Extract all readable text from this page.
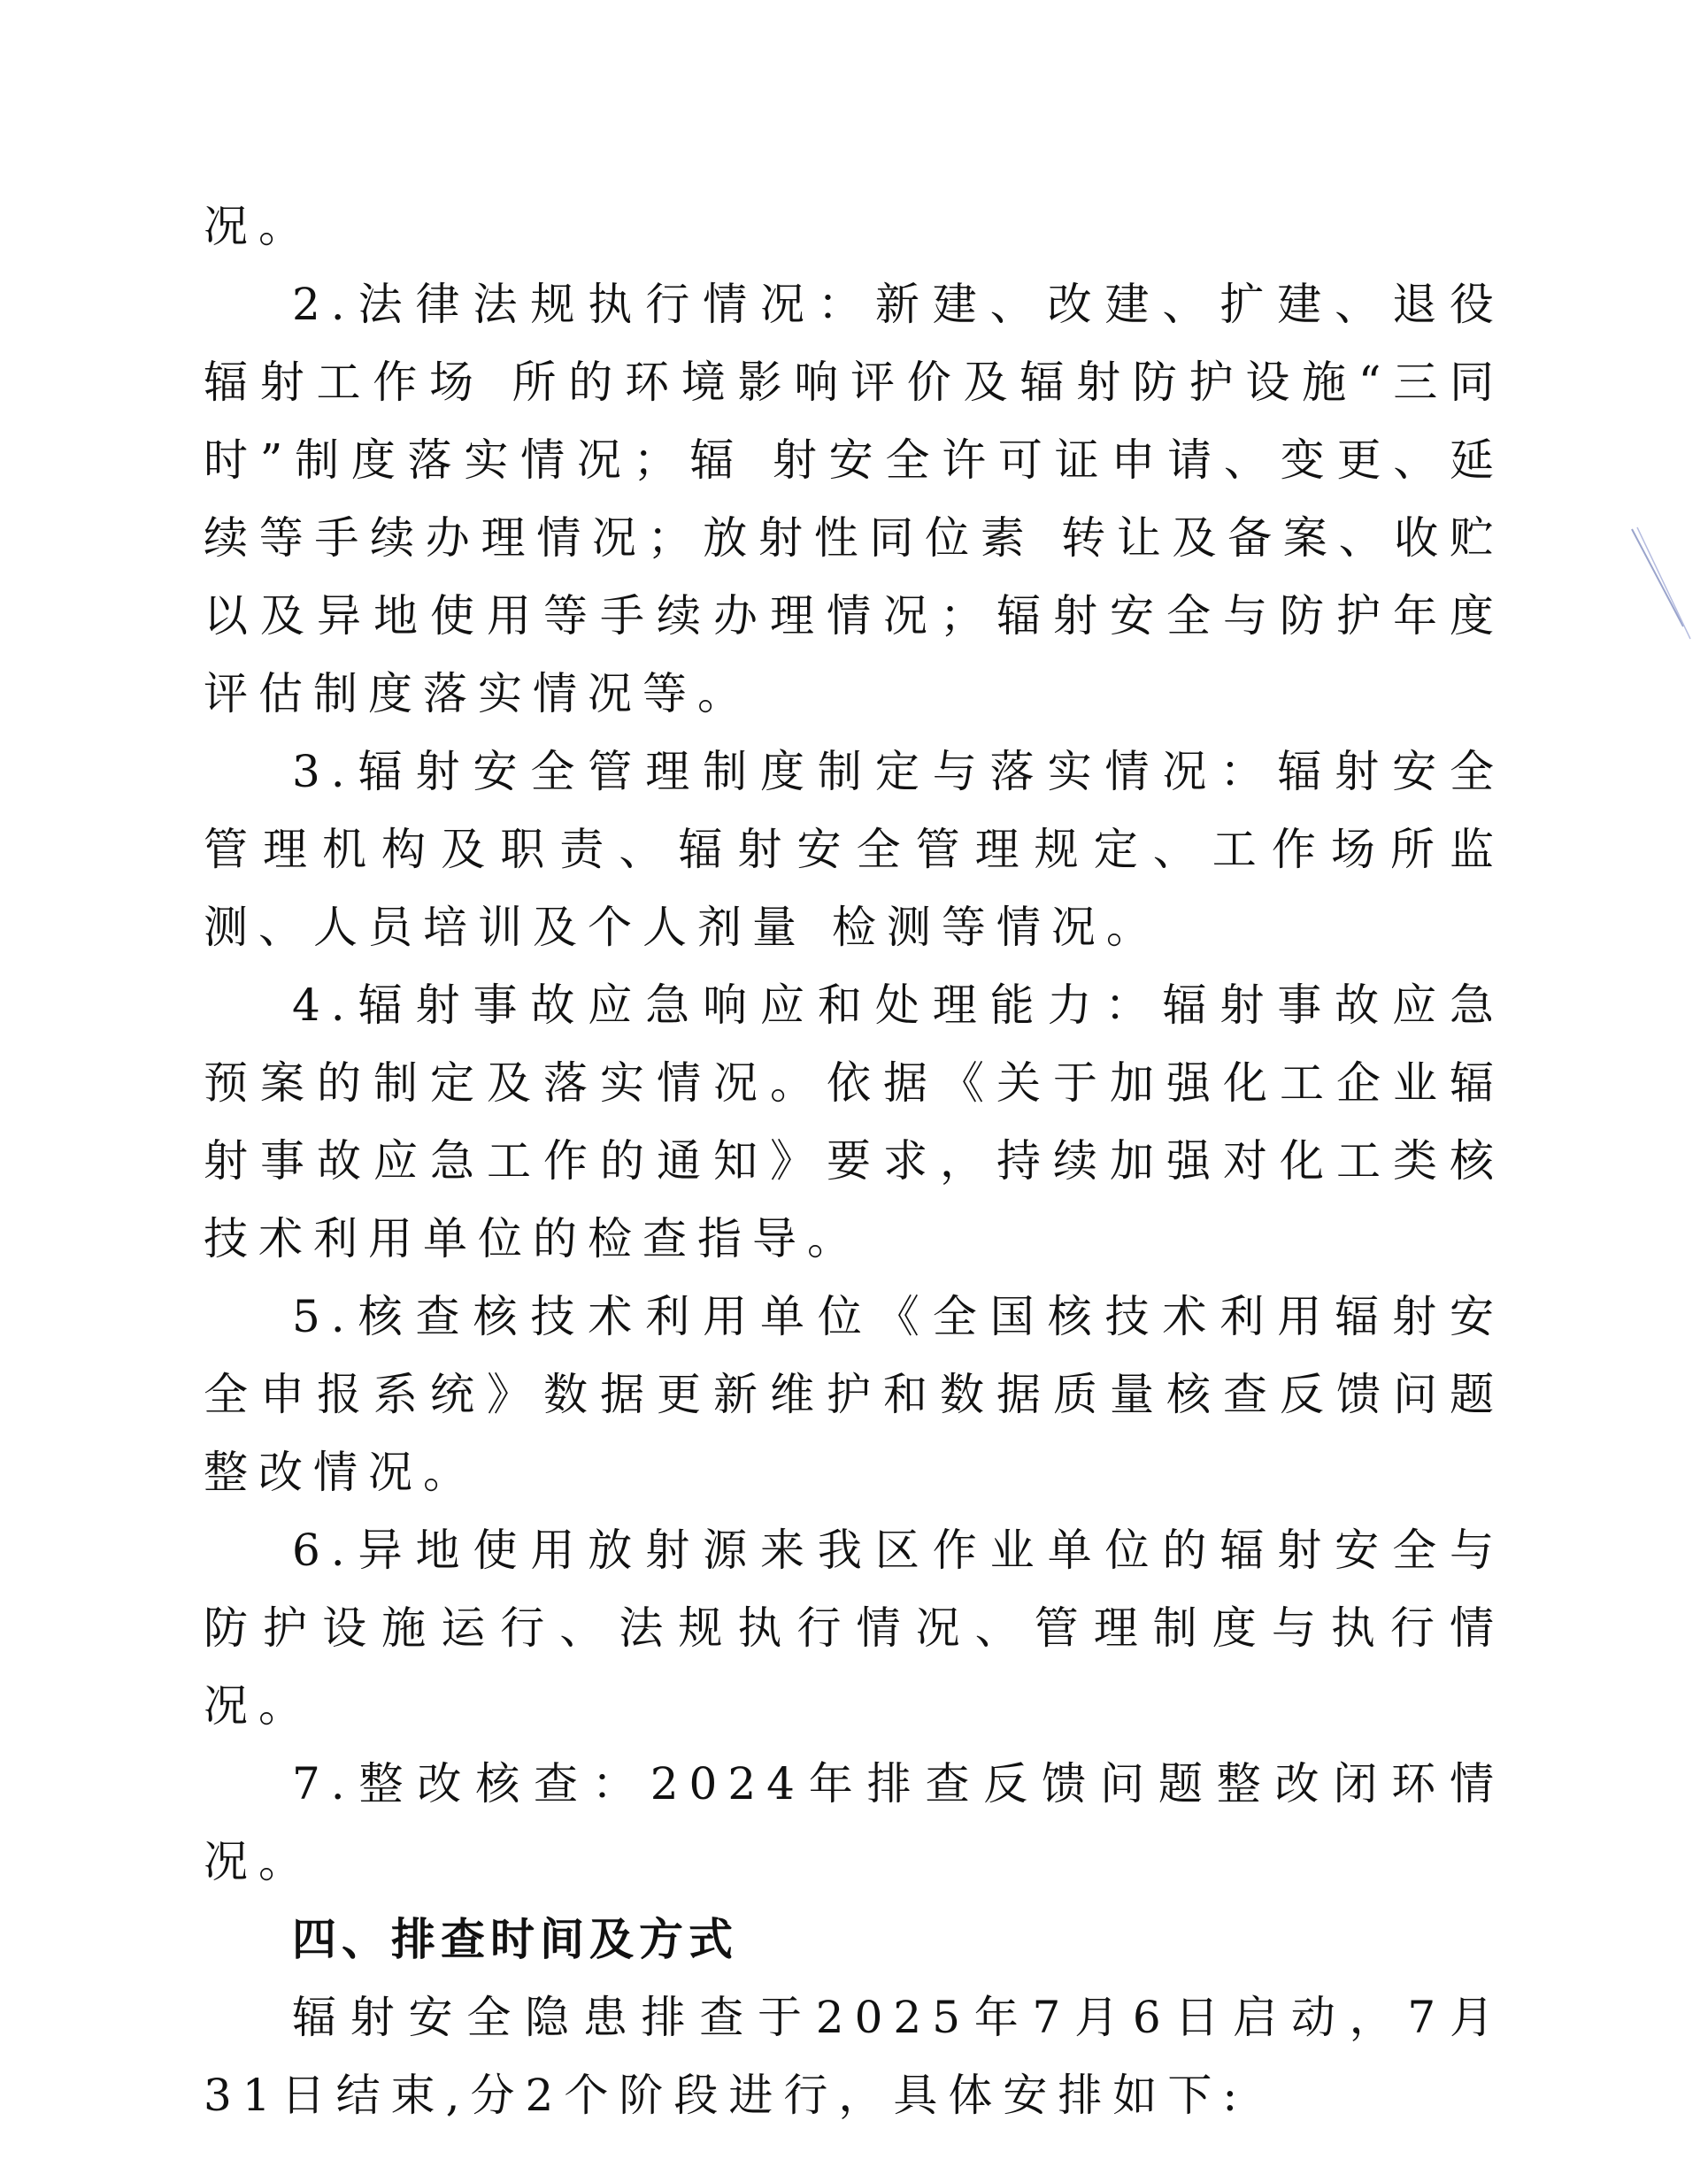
况。

2.法律法规执行情况：新建、改建、扩建、退役辐射工作场 所的环境影响评价及辐射防护设施“三同时”制度落实情况；辐 射安全许可证申请、变更、延续等手续办理情况；放射性同位素 转让及备案、收贮以及异地使用等手续办理情况；辐射安全与防护年度评估制度落实情况等。

3.辐射安全管理制度制定与落实情况：辐射安全管理机构及职责、辐射安全管理规定、工作场所监测、人员培训及个人剂量 检测等情况。

4.辐射事故应急响应和处理能力：辐射事故应急预案的制定及落实情况。依据《关于加强化工企业辐射事故应急工作的通知》要求，持续加强对化工类核技术利用单位的检查指导。

5.核查核技术利用单位《全国核技术利用辐射安全申报系统》数据更新维护和数据质量核查反馈问题整改情况。

6.异地使用放射源来我区作业单位的辐射安全与防护设施运行、法规执行情况、管理制度与执行情况。

7.整改核查：2024年排查反馈问题整改闭环情况。

四、排查时间及方式

辐射安全隐患排查于2025年7月6日启动，7月31日结束,分2个阶段进行，具体安排如下:
